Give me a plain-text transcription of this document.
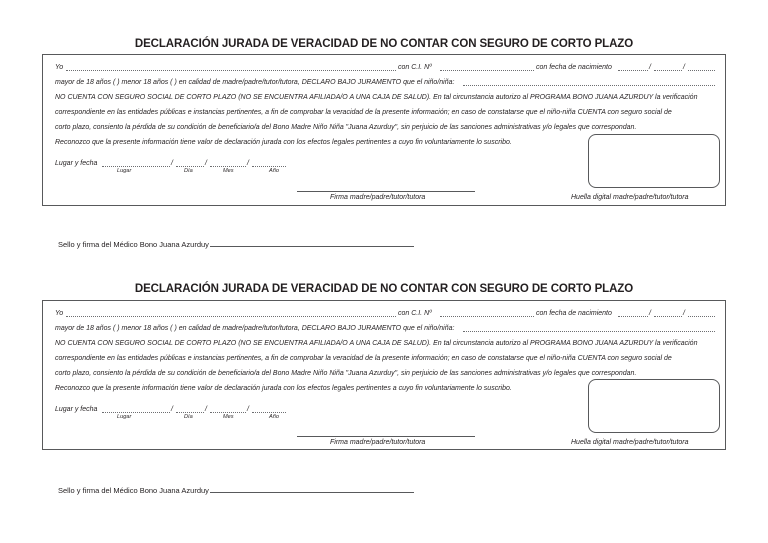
DECLARACIÓN JURADA DE VERACIDAD DE NO CONTAR CON SEGURO DE CORTO PLAZO
Yo	con C.I. Nº	con fecha de nacimiento	/	/
mayor de 18 años ( ) menor 18 años ( ) en calidad de madre/padre/tutor/tutora, DECLARO BAJO JURAMENTO que el niño/niña:
NO CUENTA CON SEGURO SOCIAL DE CORTO PLAZO (NO SE ENCUENTRA AFILIADA/O A UNA CAJA DE SALUD). En tal circunstancia autorizo al PROGRAMA BONO JUANA AZURDUY la verificación
correspondiente en las entidades públicas e instancias pertinentes, a fin de comprobar la veracidad de la presente información; en caso de constatarse que el niño-niña CUENTA con seguro social de
corto plazo, consiento la pérdida de su condición de beneficiario/a del Bono Madre Niño Niña "Juana Azurduy", sin perjuicio de las sanciones administrativas y/o legales que correspondan.
Reconozco que la presente información tiene valor de declaración jurada con los efectos legales pertinentes a cuyo fin voluntariamente lo suscribo.
Lugar y fecha	/	/	/
Lugar	Día	Mes	Año
Firma madre/padre/tutor/tutora	Huella digital madre/padre/tutor/tutora
Sello y firma del Médico Bono Juana Azurduy
DECLARACIÓN JURADA DE VERACIDAD DE NO CONTAR CON SEGURO DE CORTO PLAZO
Yo	con C.I. Nº	con fecha de nacimiento	/	/
mayor de 18 años ( ) menor 18 años ( ) en calidad de madre/padre/tutor/tutora, DECLARO BAJO JURAMENTO que el niño/niña:
NO CUENTA CON SEGURO SOCIAL DE CORTO PLAZO (NO SE ENCUENTRA AFILIADA/O A UNA CAJA DE SALUD). En tal circunstancia autorizo al PROGRAMA BONO JUANA AZURDUY la verificación
correspondiente en las entidades públicas e instancias pertinentes, a fin de comprobar la veracidad de la presente información; en caso de constatarse que el niño-niña CUENTA con seguro social de
corto plazo, consiento la pérdida de su condición de beneficiario/a del Bono Madre Niño Niña "Juana Azurduy", sin perjuicio de las sanciones administrativas y/o legales que correspondan.
Reconozco que la presente información tiene valor de declaración jurada con los efectos legales pertinentes a cuyo fin voluntariamente lo suscribo.
Lugar y fecha	/	/	/
Lugar	Día	Mes	Año
Firma madre/padre/tutor/tutora	Huella digital madre/padre/tutor/tutora
Sello y firma del Médico Bono Juana Azurduy
